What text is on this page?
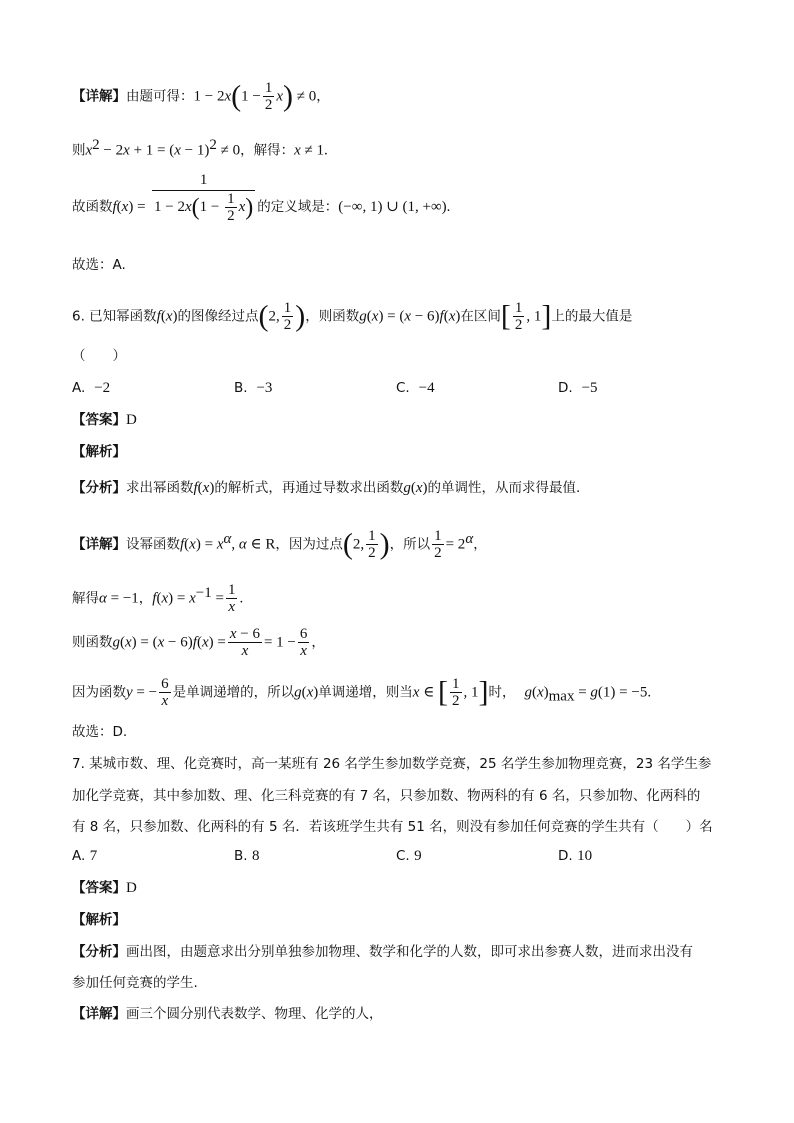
【详解】由题可得：$1 - 2x(1 - \frac{1}{2} x) \ne 0$，
则$x^2 - 2x + 1 = (x - 1)^2 \ne 0$，解得：x ≠ 1.
故函数$f(x) = \frac{1}{1 - 2x(1 - \frac{1}{2} x)}$ 的定义域是：(−∞, 1) ∪ (1, +∞).
故选：A.
6. 已知幂函数f(x)的图像经过点(2, $\frac{1}{2}$ )，则函数g(x) = (x − 6)f(x)在区间[ $\frac{1}{2}$ , 1]上的最大值是
（　　）
A. −2	B. −3	C. −4	D. −5
【答案】D
【解析】
【分析】求出幂函数f(x)的解析式，再通过导数求出函数g(x)的单调性，从而求得最值.
【详解】设幂函数$f(x) = x^\alpha$, α ∈ R，因为过点(2, $\frac{1}{2}$ )，所以 $\frac{1}{2} = 2^\alpha$，
解得α = −1，$f(x) = x^{-1} = \frac{1}{x}$ .
则函数$g(x) = (x - 6)f(x) = \frac{x - 6}{x} = 1 - \frac{6}{x}$ ，
因为函数y = − $\frac{6}{x}$ 是单调递增的，所以g(x)单调递增，则当x ∈ [ $\frac{1}{2}$ , 1]时， $g(x)_{max} = g(1) = -5$.
故选：D.
7. 某城市数、理、化竞赛时，高一某班有 26 名学生参加数学竞赛，25 名学生参加物理竞赛，23 名学生参
加化学竞赛，其中参加数、理、化三科竞赛的有 7 名，只参加数、物两科的有 6 名，只参加物、化两科的
有 8 名，只参加数、化两科的有 5 名．若该班学生共有 51 名，则没有参加任何竞赛的学生共有（　　）名
A. 7	B. 8	C. 9	D. 10
【答案】D
【解析】
【分析】画出图，由题意求出分别单独参加物理、数学和化学的人数，即可求出参赛人数，进而求出没有
参加任何竞赛的学生.
【详解】画三个圆分别代表数学、物理、化学的人，
